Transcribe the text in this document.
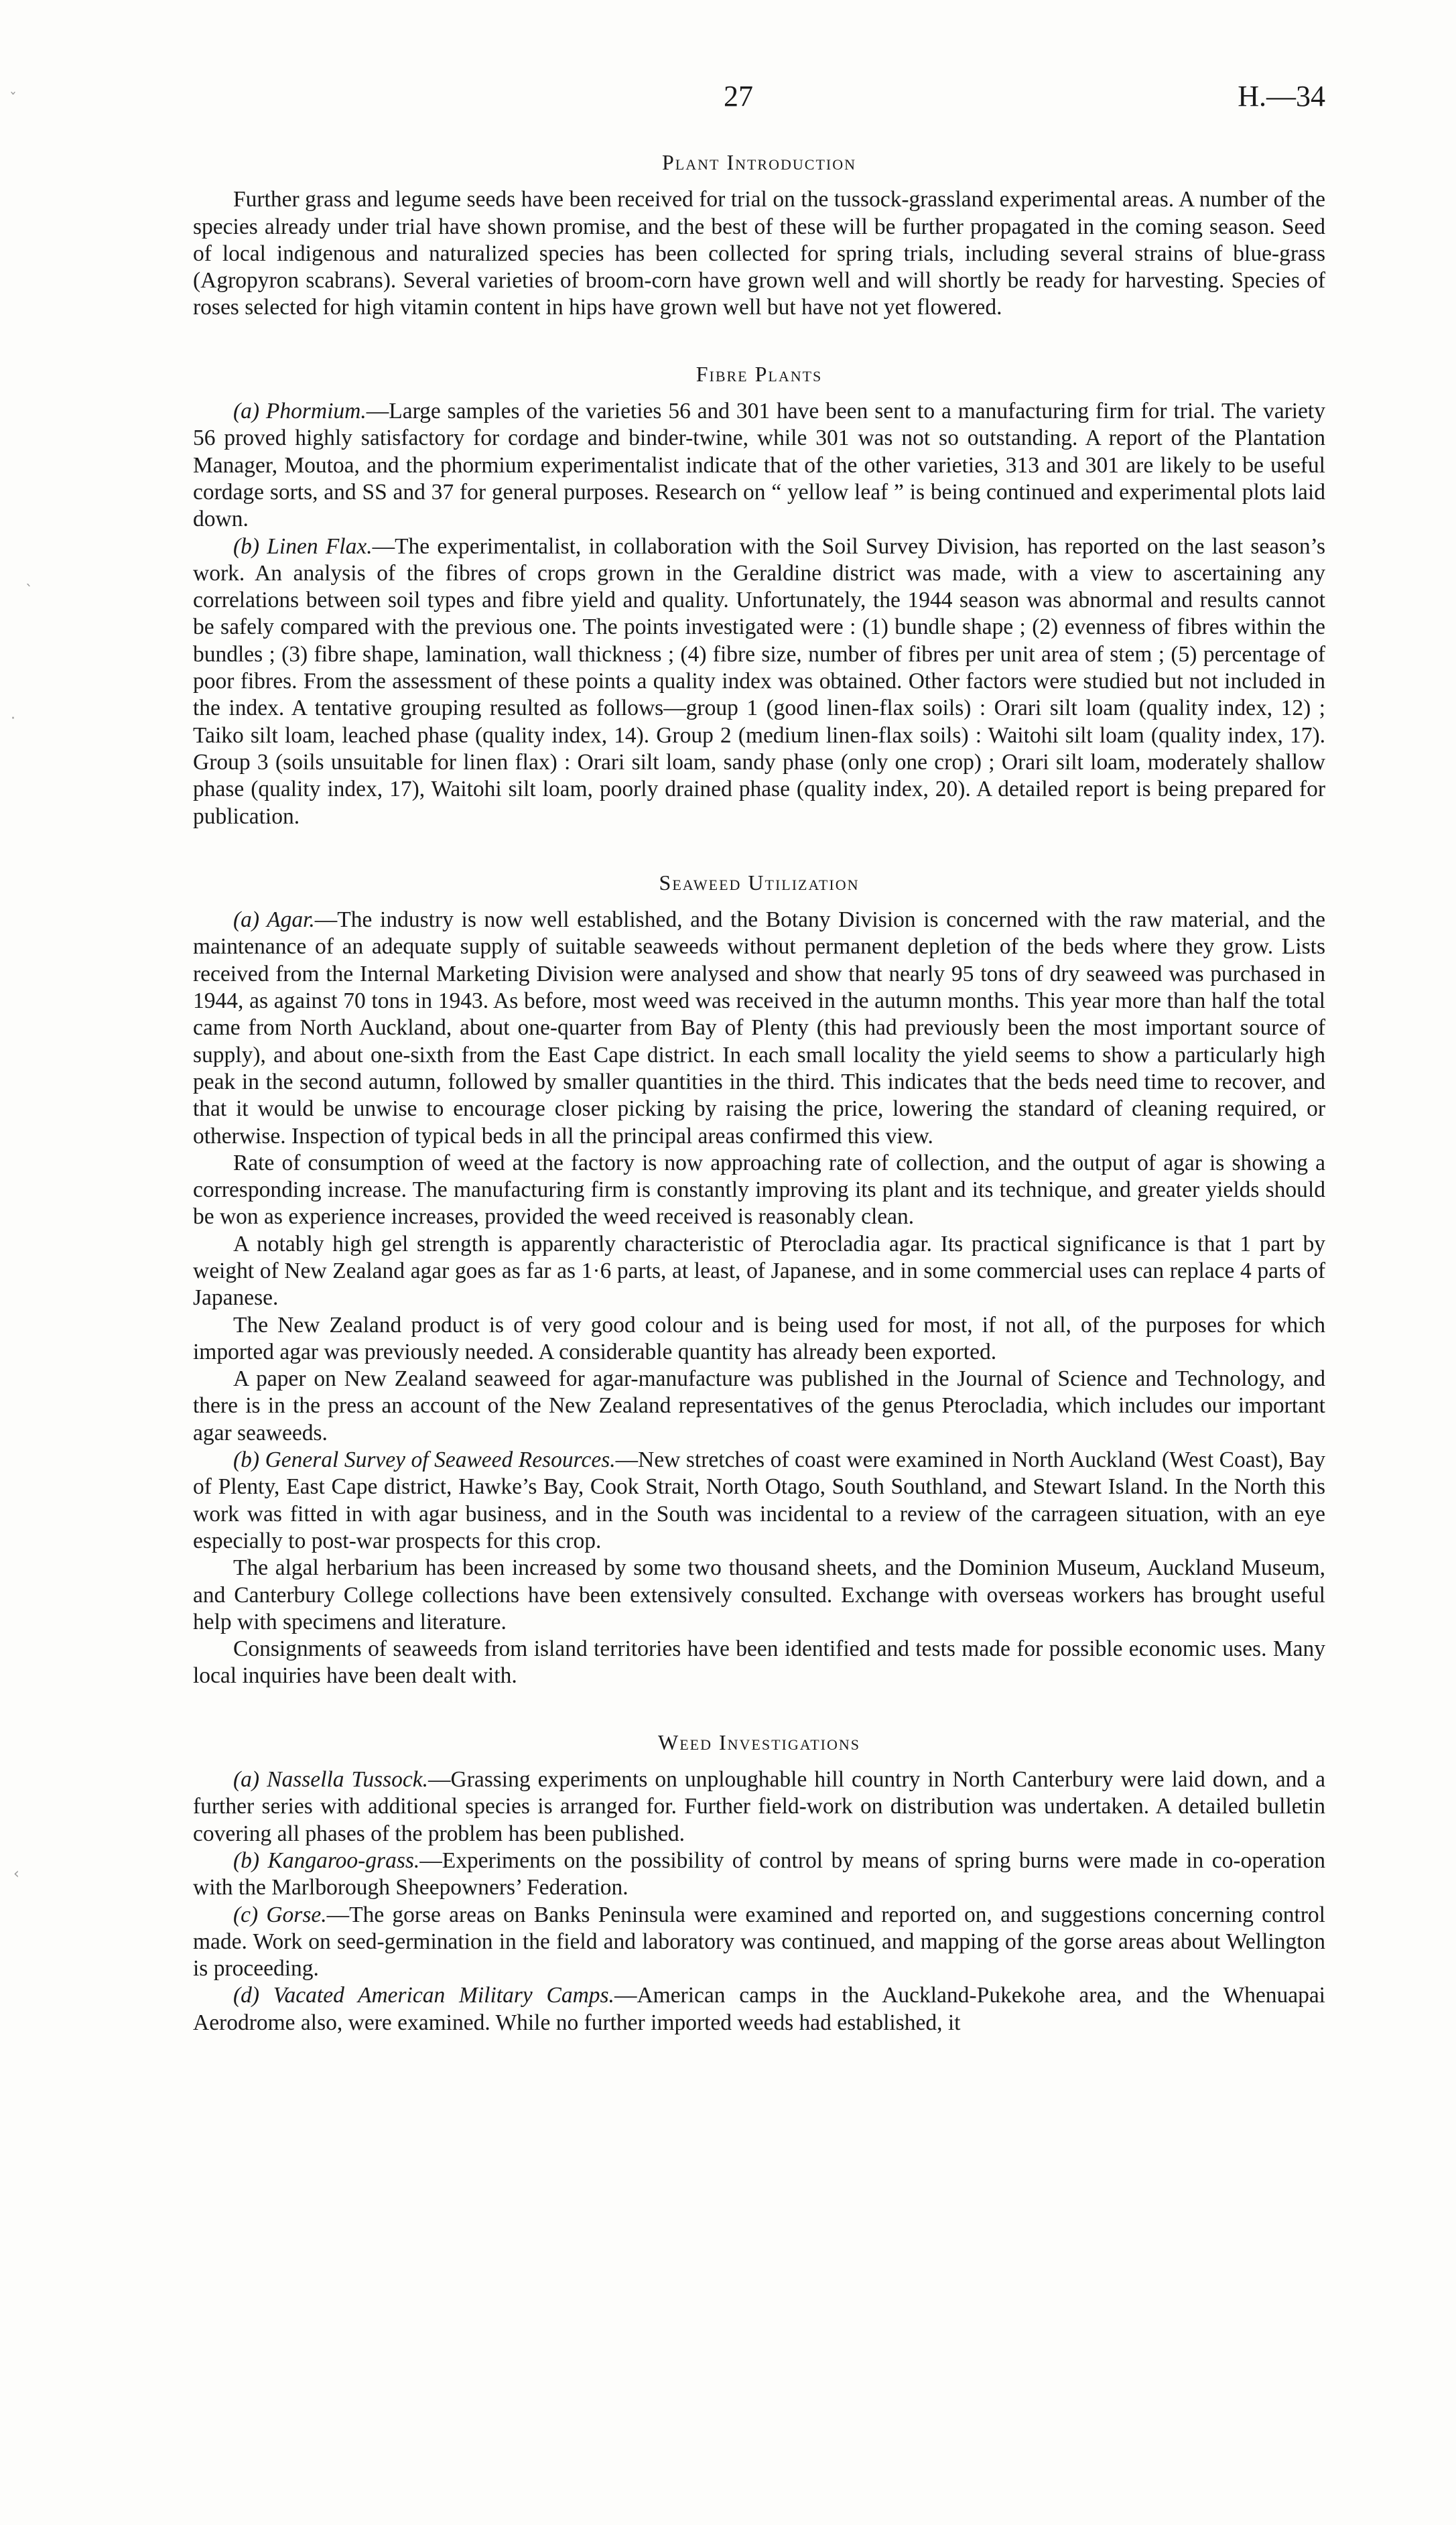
ˇ
ˋ
·
‹
27	H.—34
Plant Introduction

Further grass and legume seeds have been received for trial on the tussock-grassland experimental areas. A number of the species already under trial have shown promise, and the best of these will be further propagated in the coming season. Seed of local indigenous and naturalized species has been collected for spring trials, including several strains of blue-grass (Agropyron scabrans). Several varieties of broom-corn have grown well and will shortly be ready for harvesting. Species of roses selected for high vitamin content in hips have grown well but have not yet flowered.

Fibre Plants

(a) Phormium.—Large samples of the varieties 56 and 301 have been sent to a manufacturing firm for trial. The variety 56 proved highly satisfactory for cordage and binder-twine, while 301 was not so outstanding. A report of the Plantation Manager, Moutoa, and the phormium experimentalist indicate that of the other varieties, 313 and 301 are likely to be useful cordage sorts, and SS and 37 for general purposes. Research on “ yellow leaf ” is being continued and experimental plots laid down.

(b) Linen Flax.—The experimentalist, in collaboration with the Soil Survey Division, has reported on the last season’s work. An analysis of the fibres of crops grown in the Geraldine district was made, with a view to ascertaining any correlations between soil types and fibre yield and quality. Unfortunately, the 1944 season was abnormal and results cannot be safely compared with the previous one. The points investigated were : (1) bundle shape ; (2) evenness of fibres within the bundles ; (3) fibre shape, lamination, wall thickness ; (4) fibre size, number of fibres per unit area of stem ; (5) percentage of poor fibres. From the assessment of these points a quality index was obtained. Other factors were studied but not included in the index. A tentative grouping resulted as follows—group 1 (good linen-flax soils) : Orari silt loam (quality index, 12) ; Taiko silt loam, leached phase (quality index, 14). Group 2 (medium linen-flax soils) : Waitohi silt loam (quality index, 17). Group 3 (soils unsuitable for linen flax) : Orari silt loam, sandy phase (only one crop) ; Orari silt loam, moderately shallow phase (quality index, 17), Waitohi silt loam, poorly drained phase (quality index, 20). A detailed report is being prepared for publication.

Seaweed Utilization

(a) Agar.—The industry is now well established, and the Botany Division is concerned with the raw material, and the maintenance of an adequate supply of suitable seaweeds without permanent depletion of the beds where they grow. Lists received from the Internal Marketing Division were analysed and show that nearly 95 tons of dry seaweed was purchased in 1944, as against 70 tons in 1943. As before, most weed was received in the autumn months. This year more than half the total came from North Auckland, about one-quarter from Bay of Plenty (this had previously been the most important source of supply), and about one-sixth from the East Cape district. In each small locality the yield seems to show a particularly high peak in the second autumn, followed by smaller quantities in the third. This indicates that the beds need time to recover, and that it would be unwise to encourage closer picking by raising the price, lowering the standard of cleaning required, or otherwise. Inspection of typical beds in all the principal areas confirmed this view.

Rate of consumption of weed at the factory is now approaching rate of collection, and the output of agar is showing a corresponding increase. The manufacturing firm is constantly improving its plant and its technique, and greater yields should be won as experience increases, provided the weed received is reasonably clean.

A notably high gel strength is apparently characteristic of Pterocladia agar. Its practical significance is that 1 part by weight of New Zealand agar goes as far as 1·6 parts, at least, of Japanese, and in some commercial uses can replace 4 parts of Japanese.

The New Zealand product is of very good colour and is being used for most, if not all, of the purposes for which imported agar was previously needed. A considerable quantity has already been exported.

A paper on New Zealand seaweed for agar-manufacture was published in the Journal of Science and Technology, and there is in the press an account of the New Zealand representatives of the genus Pterocladia, which includes our important agar seaweeds.

(b) General Survey of Seaweed Resources.—New stretches of coast were examined in North Auckland (West Coast), Bay of Plenty, East Cape district, Hawke’s Bay, Cook Strait, North Otago, South Southland, and Stewart Island. In the North this work was fitted in with agar business, and in the South was incidental to a review of the carrageen situation, with an eye especially to post-war prospects for this crop.

The algal herbarium has been increased by some two thousand sheets, and the Dominion Museum, Auckland Museum, and Canterbury College collections have been extensively consulted. Exchange with overseas workers has brought useful help with specimens and literature.

Consignments of seaweeds from island territories have been identified and tests made for possible economic uses. Many local inquiries have been dealt with.

Weed Investigations

(a) Nassella Tussock.—Grassing experiments on unploughable hill country in North Canterbury were laid down, and a further series with additional species is arranged for. Further field-work on distribution was undertaken. A detailed bulletin covering all phases of the problem has been published.

(b) Kangaroo-grass.—Experiments on the possibility of control by means of spring burns were made in co-operation with the Marlborough Sheepowners’ Federation.

(c) Gorse.—The gorse areas on Banks Peninsula were examined and reported on, and suggestions concerning control made. Work on seed-germination in the field and laboratory was continued, and mapping of the gorse areas about Wellington is proceeding.

(d) Vacated American Military Camps.—American camps in the Auckland-Pukekohe area, and the Whenuapai Aerodrome also, were examined. While no further imported weeds had established, it
